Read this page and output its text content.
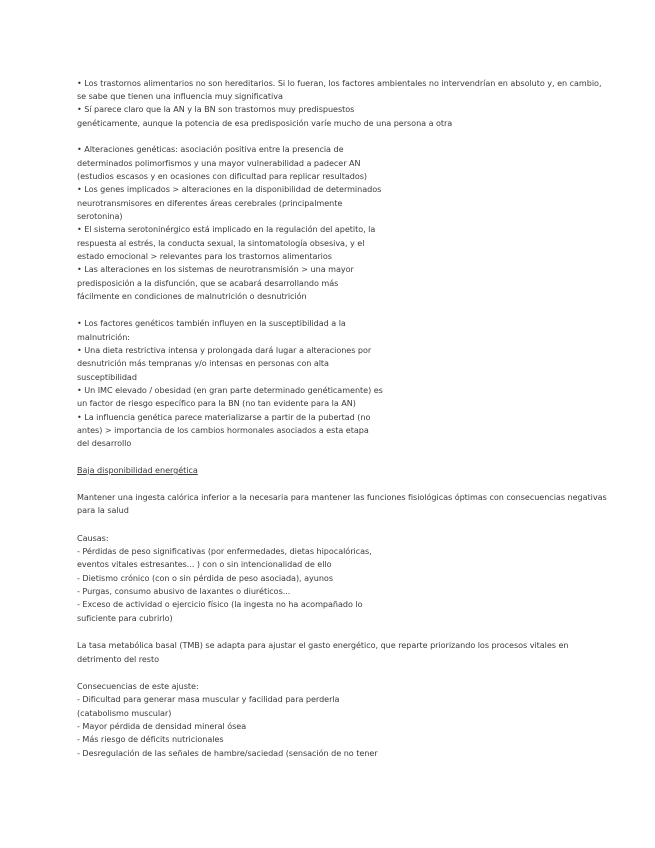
• Los trastornos alimentarios no son hereditarios. Si lo fueran, los factores ambientales no intervendrían en absoluto y, en cambio,
se sabe que tienen una influencia muy significativa
• Sí parece claro que la AN y la BN son trastornos muy predispuestos
genéticamente, aunque la potencia de esa predisposición varíe mucho de una persona a otra
• Alteraciones genéticas: asociación positiva entre la presencia de
determinados polimorfismos y una mayor vulnerabilidad a padecer AN
(estudios escasos y en ocasiones con dificultad para replicar resultados)
• Los genes implicados > alteraciones en la disponibilidad de determinados
neurotransmisores en diferentes áreas cerebrales (principalmente
serotonina)
• El sistema serotoninérgico está implicado en la regulación del apetito, la
respuesta al estrés, la conducta sexual, la sintomatología obsesiva, y el
estado emocional > relevantes para los trastornos alimentarios
• Las alteraciones en los sistemas de neurotransmisión > una mayor
predisposición a la disfunción, que se acabará desarrollando más
fácilmente en condiciones de malnutrición o desnutrición
• Los factores genéticos también influyen en la susceptibilidad a la
malnutrición:
• Una dieta restrictiva intensa y prolongada dará lugar a alteraciones por
desnutrición más tempranas y/o intensas en personas con alta
susceptibilidad
• Un IMC elevado / obesidad (en gran parte determinado genéticamente) es
un factor de riesgo específico para la BN (no tan evidente para la AN)
• La influencia genética parece materializarse a partir de la pubertad (no
antes) > importancia de los cambios hormonales asociados a esta etapa
del desarrollo
Baja disponibilidad energética
Mantener una ingesta calórica inferior a la necesaria para mantener las funciones fisiológicas óptimas con consecuencias negativas
para la salud
Causas:
- Pérdidas de peso significativas (por enfermedades, dietas hipocalóricas,
eventos vitales estresantes... ) con o sin intencionalidad de ello
- Dietismo crónico (con o sin pérdida de peso asociada), ayunos
- Purgas, consumo abusivo de laxantes o diuréticos...
- Exceso de actividad o ejercicio físico (la ingesta no ha acompañado lo
suficiente para cubrirlo)
La tasa metabólica basal (TMB) se adapta para ajustar el gasto energético, que reparte priorizando los procesos vitales en
detrimento del resto
Consecuencias de este ajuste:
- Dificultad para generar masa muscular y facilidad para perderla
(catabolismo muscular)
- Mayor pérdida de densidad mineral ósea
- Más riesgo de déficits nutricionales
- Desregulación de las señales de hambre/saciedad (sensación de no tener
